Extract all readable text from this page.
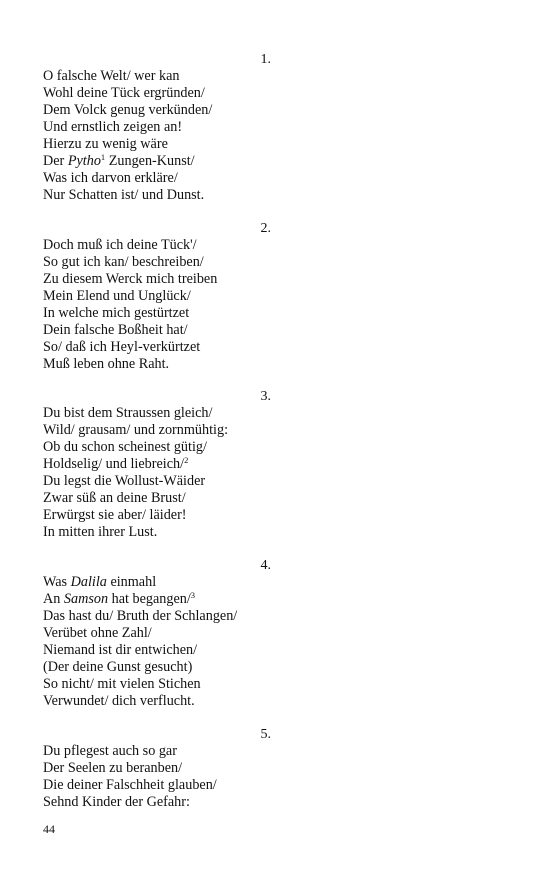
1.
O falsche Welt/ wer kan
Wohl deine Tück ergründen/
Dem Volck genug verkünden/
Und ernstlich zeigen an!
Hierzu zu wenig wäre
Der Pytho$^1$ Zungen-Kunst/
Was ich darvon erkläre/
Nur Schatten ist/ und Dunst.
2.
Doch muß ich deine Tück'/
So gut ich kan/ beschreiben/
Zu diesem Werck mich treiben
Mein Elend und Unglück/
In welche mich gestürtzet
Dein falsche Boßheit hat/
So/ daß ich Heyl-verkürtzet
Muß leben ohne Raht.
3.
Du bist dem Straussen gleich/
Wild/ grausam/ und zornmühtig:
Ob du schon scheinest gütig/
Holdselig/ und liebreich/$^2$
Du legst die Wollust-Wäider
Zwar süß an deine Brust/
Erwürgst sie aber/ läider!
In mitten ihrer Lust.
4.
Was Dalila einmahl
An Samson hat begangen/$^3$
Das hast du/ Bruth der Schlangen/
Verübet ohne Zahl/
Niemand ist dir entwichen/
(Der deine Gunst gesucht)
So nicht/ mit vielen Stichen
Verwundet/ dich verflucht.
5.
Du pflegest auch so gar
Der Seelen zu beranben/
Die deiner Falschheit glauben/
Sehnd Kinder der Gefahr:
44
